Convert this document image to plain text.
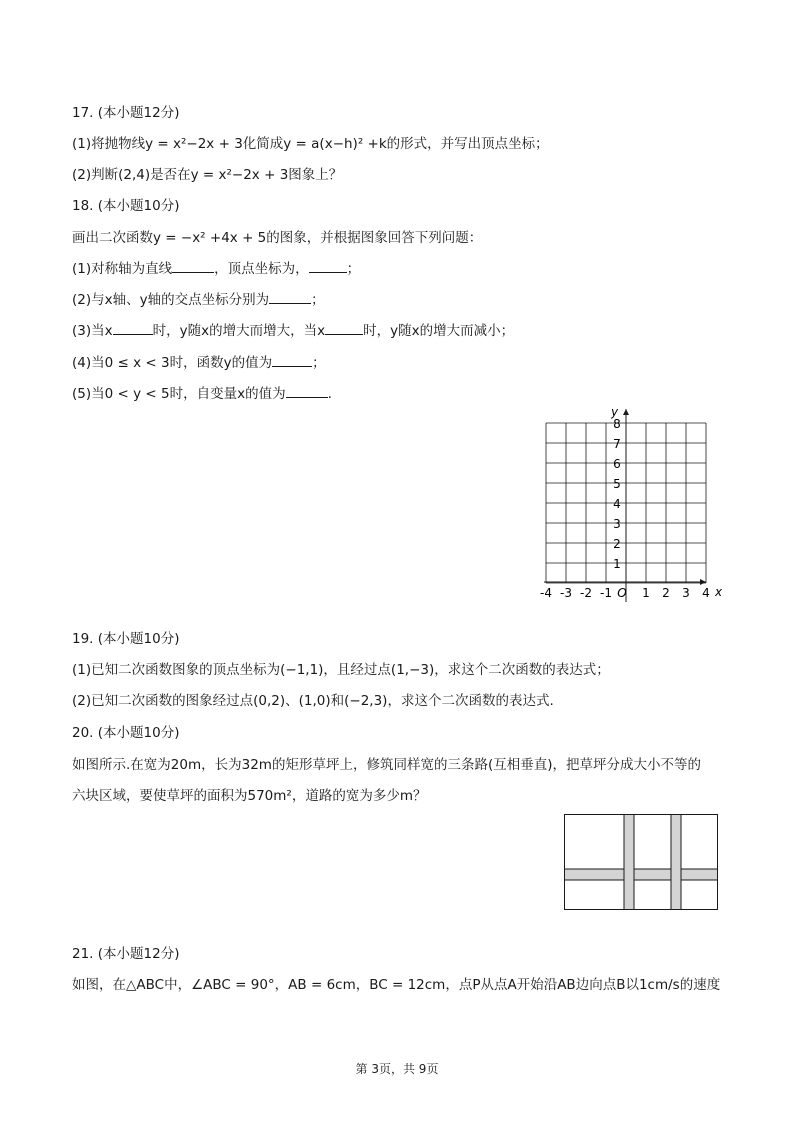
17. (本小题12分)
(1)将抛物线y = x²−2x + 3化简成y = a(x−h)² +k的形式，并写出顶点坐标；
(2)判断(2,4)是否在y = x²−2x + 3图象上？
18. (本小题10分)
画出二次函数y = −x² +4x + 5的图象，并根据图象回答下列问题：
(1)对称轴为直线	，顶点坐标为，	；
(2)与x轴、y轴的交点坐标分别为	；
(3)当x	时，y随x的增大而增大，当x	时，y随x的增大而减小；
(4)当0 ≤ x < 3时，函数y的值为	；
(5)当0 < y < 5时，自变量x的值为	.
-4 -3 -2 -1 O 1 2 3 4
1
2
3
4
5
6
7
8
x
y
19. (本小题10分)
(1)已知二次函数图象的顶点坐标为(−1,1)，且经过点(1,−3)，求这个二次函数的表达式；
(2)已知二次函数的图象经过点(0,2)、(1,0)和(−2,3)，求这个二次函数的表达式.
20. (本小题10分)
如图所示.在宽为20m，长为32m的矩形草坪上，修筑同样宽的三条路(互相垂直)，把草坪分成大小不等的
六块区域，要使草坪的面积为570m²，道路的宽为多少m？
21. (本小题12分)
如图，在△ABC中，∠ABC = 90°，AB = 6cm，BC = 12cm，点P从点A开始沿AB边向点B以1cm/s的速度
第 3页，共 9页
